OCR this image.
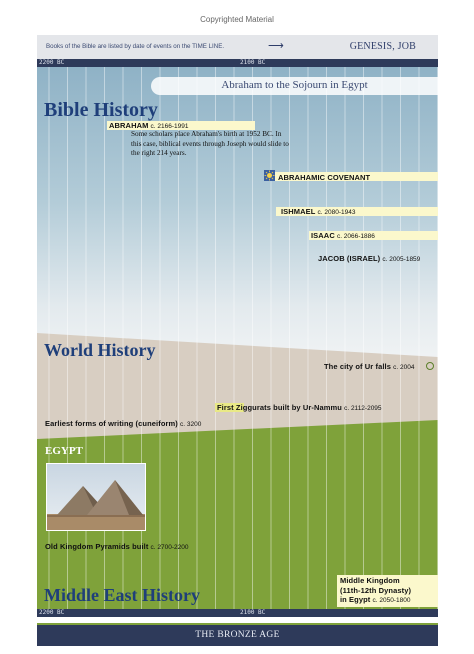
Copyrighted Material
Books of the Bible are listed by date of events on the TIME LINE.	⟶	GENESIS, JOB
2200 BC	2100 BC
Abraham to the Sojourn in Egypt
Bible History
ABRAHAM c. 2166-1991
Some scholars place Abraham's birth at 1952 BC. In this case, biblical events through Joseph would slide to the right 214 years.
ABRAHAMIC COVENANT
ISHMAEL c. 2080-1943
ISAAC c. 2066-1886
JACOB (ISRAEL) c. 2005-1859
World History
The city of Ur falls c. 2004
First Ziggurats built by Ur-Nammu c. 2112-2095
Earliest forms of writing (cuneiform) c. 3200
EGYPT
Old Kingdom Pyramids built c. 2700-2200
Middle Kingdom
(11th-12th Dynasty)
in Egypt c. 2050-1800
Middle East History
2200 BC	2100 BC
THE BRONZE AGE
